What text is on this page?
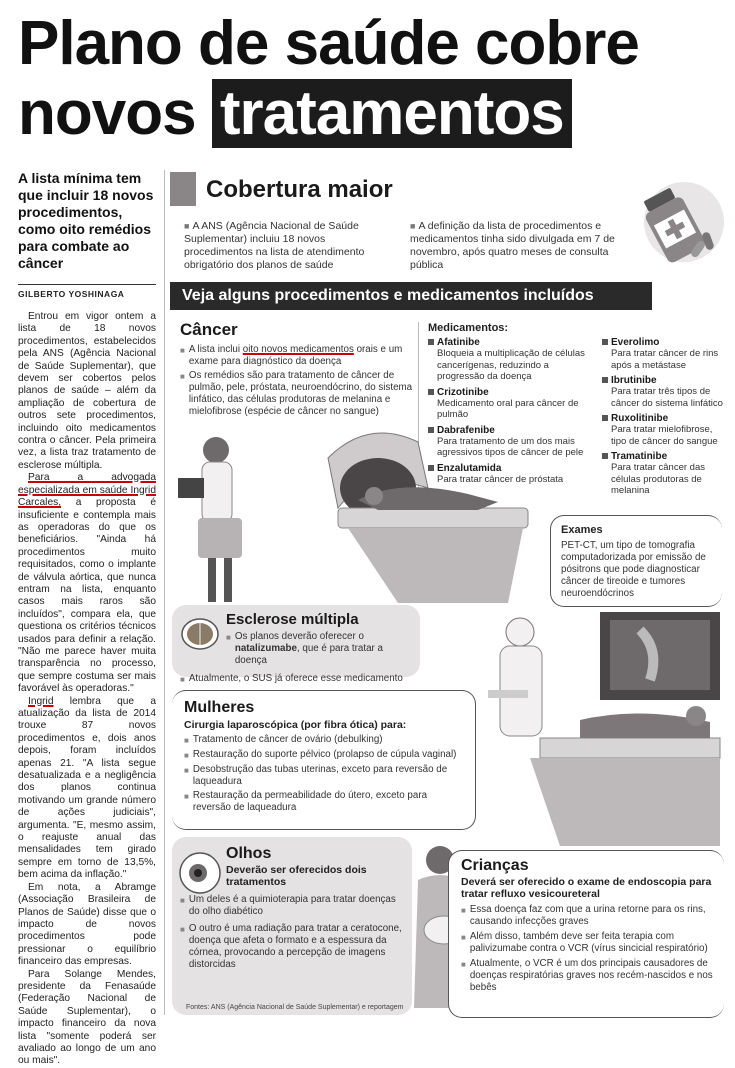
Plano de saúde cobre
novos tratamentos
A lista mínima tem que incluir 18 novos procedimentos, como oito remédios para combate ao câncer
GILBERTO YOSHINAGA

Entrou em vigor ontem a lista de 18 novos procedimentos, estabelecidos pela ANS (Agência Nacional de Saúde Suplementar), que devem ser cobertos pelos planos de saúde – além da ampliação de cobertura de outros sete procedimentos, incluindo oito medicamentos contra o câncer. Pela primeira vez, a lista traz tratamento de esclerose múltipla.

Para a advogada especializada em saúde Ingrid Carcales, a proposta é insuficiente e contempla mais as operadoras do que os beneficiários. "Ainda há procedimentos muito requisitados, como o implante de válvula aórtica, que nunca entram na lista, enquanto casos mais raros são incluídos", compara ela, que questiona os critérios técnicos usados para definir a relação. "Não me parece haver muita transparência no processo, que sempre costuma ser mais favorável às operadoras."

Ingrid lembra que a atualização da lista de 2014 trouxe 87 novos procedimentos e, dois anos depois, foram incluídos apenas 21. "A lista segue desatualizada e a negligência dos planos continua motivando um grande número de ações judiciais", argumenta. "E, mesmo assim, o reajuste anual das mensalidades tem girado sempre em torno de 13,5%, bem acima da inflação."

Em nota, a Abramge (Associação Brasileira de Planos de Saúde) disse que o impacto de novos procedimentos pode pressionar o equilíbrio financeiro das empresas.

Para Solange Mendes, presidente da Fenasaúde (Federação Nacional de Saúde Suplementar), o impacto financeiro da nova lista "somente poderá ser avaliado ao longo de um ano ou mais".

Cobertura maior
■ A ANS (Agência Nacional de Saúde Suplementar) incluiu 18 novos procedimentos na lista de atendimento obrigatório dos planos de saúde
■ A definição da lista de procedimentos e medicamentos tinha sido divulgada em 7 de novembro, após quatro meses de consulta pública
Veja alguns procedimentos e medicamentos incluídos
Câncer
■ A lista inclui oito novos medicamentos orais e um exame para diagnóstico da doença
■ Os remédios são para tratamento de câncer de pulmão, pele, próstata, neuroendócrino, do sistema linfático, das células produtoras de melanina e mielofibrose (espécie de câncer no sangue)
Medicamentos:
Afatinibe
Bloqueia a multiplicação de células cancerígenas, reduzindo a progressão da doença
Crizotinibe
Medicamento oral para câncer de pulmão
Dabrafenibe
Para tratamento de um dos mais agressivos tipos de câncer de pele
Enzalutamida
Para tratar câncer de próstata
Everolimo
Para tratar câncer de rins após a metástase
Ibrutinibe
Para tratar três tipos de câncer do sistema linfático
Ruxolitinibe
Para tratar mielofibrose, tipo de câncer do sangue
Tramatinibe
Para tratar câncer das células produtoras de melanina
Exames
PET-CT, um tipo de tomografia computadorizada por emissão de pósitrons que pode diagnosticar câncer de tireoide e tumores neuroendócrinos
Esclerose múltipla
■ Os planos deverão oferecer o natalizumabe, que é para tratar a doença
■ Atualmente, o SUS já oferece esse medicamento
Mulheres
Cirurgia laparoscópica (por fibra ótica) para:
■ Tratamento de câncer de ovário (debulking)
■ Restauração do suporte pélvico (prolapso de cúpula vaginal)
■ Desobstrução das tubas uterinas, exceto para reversão de laqueadura
■ Restauração da permeabilidade do útero, exceto para reversão de laqueadura
Olhos
Deverão ser oferecidos dois tratamentos
■ Um deles é a quimioterapia para tratar doenças do olho diabético
■ O outro é uma radiação para tratar a ceratocone, doença que afeta o formato e a espessura da córnea, provocando a percepção de imagens distorcidas
Crianças
Deverá ser oferecido o exame de endoscopia para tratar refluxo vesicoureteral
■ Essa doença faz com que a urina retorne para os rins, causando infecções graves
■ Além disso, também deve ser feita terapia com palivizumabe contra o VCR (vírus sincicial respiratório)
■ Atualmente, o VCR é um dos principais causadores de doenças respiratórias graves nos recém-nascidos e nos bebês
Fontes: ANS (Agência Nacional de Saúde Suplementar) e reportagem
